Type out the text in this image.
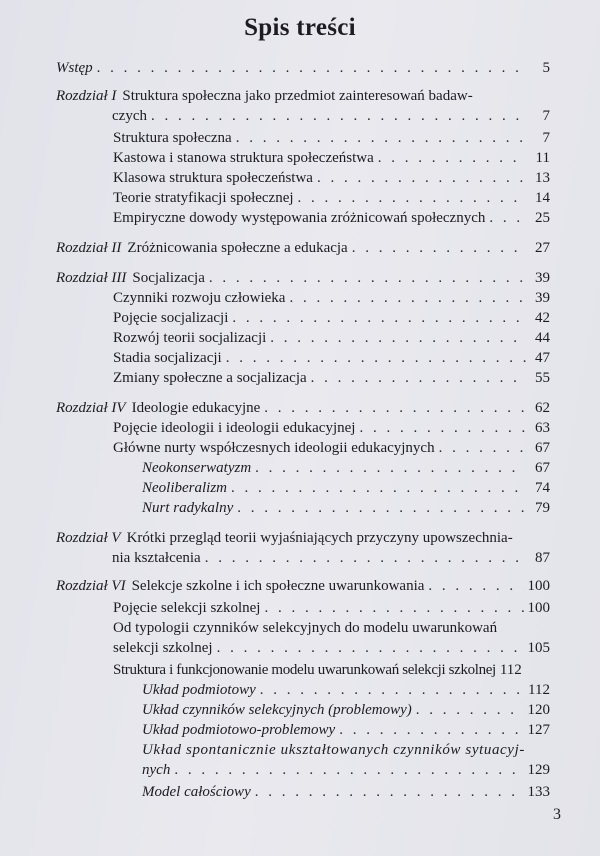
Spis treści
Wstęp . . .	5
Rozdział I Struktura społeczna jako przedmiot zainteresowań badaw-
czych . . .	7
Struktura społeczna . . .	7
Kastowa i stanowa struktura społeczeństwa . . .	11
Klasowa struktura społeczeństwa . . .	13
Teorie stratyfikacji społecznej . . .	14
Empiryczne dowody występowania zróżnicowań społecznych . . .	25
Rozdział II Zróżnicowania społeczne a edukacja . . .	27
Rozdział III Socjalizacja . . .	39
Czynniki rozwoju człowieka . . .	39
Pojęcie socjalizacji . . .	42
Rozwój teorii socjalizacji . . .	44
Stadia socjalizacji . . .	47
Zmiany społeczne a socjalizacja . . .	55
Rozdział IV Ideologie edukacyjne . . .	62
Pojęcie ideologii i ideologii edukacyjnej . . .	63
Główne nurty współczesnych ideologii edukacyjnych . . .	67
Neokonserwatyzm . . .	67
Neoliberalizm . . .	74
Nurt radykalny . . .	79
Rozdział V Krótki przegląd teorii wyjaśniających przyczyny upowszechnia-
nia kształcenia . . .	87
Rozdział VI Selekcje szkolne i ich społeczne uwarunkowania . . .	100
Pojęcie selekcji szkolnej . . .	100
Od typologii czynników selekcyjnych do modelu uwarunkowań
selekcji szkolnej . . .	105
Struktura i funkcjonowanie modelu uwarunkowań selekcji szkolnej 112
Układ podmiotowy . . .	112
Układ czynników selekcyjnych (problemowy) . . .	120
Układ podmiotowo-problemowy . . .	127
Układ spontanicznie ukształtowanych czynników sytuacyj-
nych . . .	129
Model całościowy . . .	133
3
